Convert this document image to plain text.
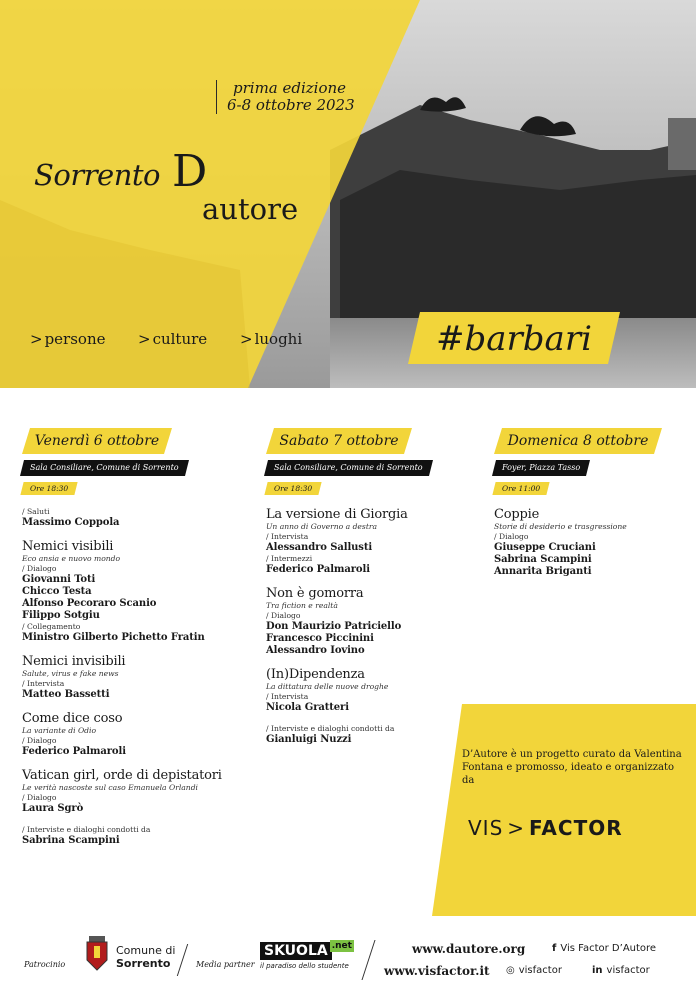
prima edizione
6-8 ottobre 2023
Sorrento D
autore
> persone > culture > luoghi	#barbari
Venerdì 6 ottobre
Sala Consiliare, Comune di Sorrento
Ore 18:30
/ Saluti
Massimo Coppola
Nemici visibili
Eco ansia e nuovo mondo
/ Dialogo
Giovanni Toti
Chicco Testa
Alfonso Pecoraro Scanio
Filippo Sotgiu
/ Collegamento
Ministro Gilberto Pichetto Fratin
Nemici invisibili
Salute, virus e fake news
/ Intervista
Matteo Bassetti
Come dice coso
La variante di Odio
/ Dialogo
Federico Palmaroli
Vatican girl, orde di depistatori
Le verità nascoste sul caso Emanuela Orlandi
/ Dialogo
Laura Sgrò
/ Interviste e dialoghi condotti da
Sabrina Scampini
Sabato 7 ottobre
Sala Consiliare, Comune di Sorrento
Ore 18:30
La versione di Giorgia
Un anno di Governo a destra
/ Intervista
Alessandro Sallusti
/ Intermezzi
Federico Palmaroli
Non è gomorra
Tra fiction e realtà
/ Dialogo
Don Maurizio Patriciello
Francesco Piccinini
Alessandro Iovino
(In)Dipendenza
La dittatura delle nuove droghe
/ Intervista
Nicola Gratteri
/ Interviste e dialoghi condotti da
Gianluigi Nuzzi
Domenica 8 ottobre
Foyer, Piazza Tasso
Ore 11:00
Coppie
Storie di desiderio e trasgressione
/ Dialogo
Giuseppe Cruciani
Sabrina Scampini
Annarita Briganti
D’Autore è un progetto curato da Valentina Fontana e promosso, ideato e organizzato da
VIS > FACTOR
Patrocinio
Comune di
Sorrento	Media partner
SKUOLA .net
il paradiso dello studente
www.dautore.org
www.visfactor.it
f Vis Factor D’Autore
◎ visfactor	in visfactor
